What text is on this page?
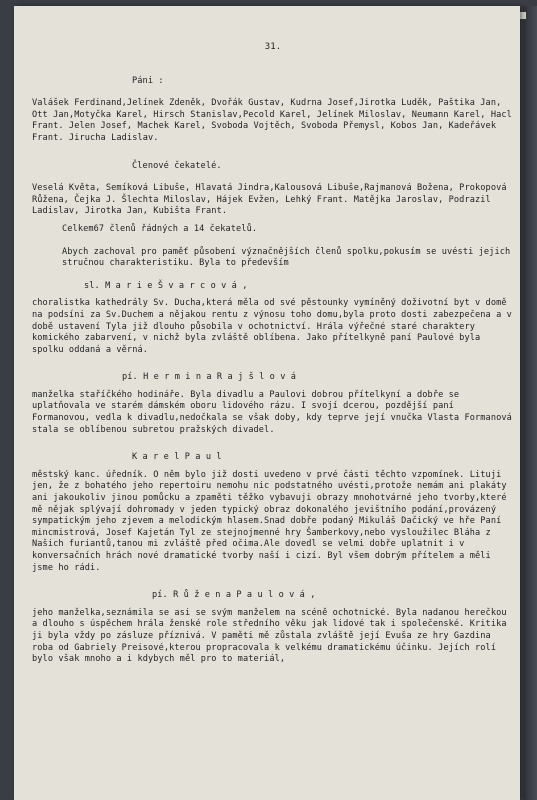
31.
Páni :

Valášek Ferdinand,Jelínek Zdeněk, Dvořák Gustav, Kudrna Josef,Jirotka Luděk, Paštika Jan, Ott Jan,Motyčka Karel, Hirsch Stanislav,Pecold Karel, Jelínek Miloslav, Neumann Karel, Hacl Frant. Jelen Josef, Machek Karel, Svoboda Vojtěch, Svoboda Přemysl, Kobos Jan, Kadeřávek Frant. Jirucha Ladislav.

Členové čekatelé.

Veselá Květa, Semíková Libuše, Hlavatá Jindra,Kalousová Libuše,Rajmanová Božena, Prokopová Růžena, Čejka J. Šlechta Miloslav, Hájek Evžen, Lehký Frant. Matějka Jaroslav, Podrazil Ladislav, Jirotka Jan, Kubišta Frant.

Celkem67 členů řádných a 14 čekatelů.

Abych zachoval pro paměť působení význačnějších členů spolku,pokusím se uvésti jejich stručnou charakteristiku. Byla to především

sl. M a r i e Š v a r c o v á ,

choralistka kathedrály Sv. Ducha,která měla od své pěstounky vymíněný doživotní byt v domě na podsíni za Sv.Duchem a nějakou rentu z výnosu toho domu,byla proto dosti zabezpečena a v době ustavení Tyla již dlouho působila v ochotnictví. Hrála výřečné staré charaktery komického zabarvení, v nichž byla zvláště oblíbena. Jako přítelkyně paní Paulové byla spolku oddaná a věrná.

pí. H e r m i n a R a j š l o v á

manželka staříčkého hodináře. Byla divadlu a Paulovi dobrou přítelkyní a dobře se uplatňovala ve starém dámském oboru lidového rázu. I svojí dcerou, pozdější paní Formanovou, vedla k divadlu,nedočkala se však doby, kdy teprve její vnučka Vlasta Formanová stala se oblíbenou subretou pražských divadel.

K a r e l P a u l

městský kanc. úředník. O něm bylo již dosti uvedeno v prvé části těchto vzpomínek. Lituji jen, že z bohatého jeho repertoiru nemohu nic podstatného uvésti,protože nemám ani plakáty ani jakoukoliv jinou pomůcku a zpaměti těžko vybavuji obrazy mnohotvárné jeho tvorby,které mě nějak splývají dohromady v jeden typický obraz dokonalého jevištního podání,provázený sympatickým jeho zjevem a melodickým hlasem.Snad dobře podaný Mikuláš Dačický ve hře Paní mincmistrová, Josef Kajetán Tyl ze stejnojmenné hry Šamberkovy,nebo vysloužilec Bláha z Našich furiantů,tanou mi zvláště před očima.Ale dovedl se velmi dobře uplatnit i v konversačních hrách nové dramatické tvorby naší i cizí. Byl všem dobrým přítelem a měli jsme ho rádi.

pí. R ů ž e n a P a u l o v á ,

jeho manželka,seznámila se asi se svým manželem na scéně ochotnické. Byla nadanou herečkou a dlouho s úspěchem hrála ženské role středního věku jak lidové tak i společenské. Kritika ji byla vždy po zásluze příznivá. V paměti mě zůstala zvláště její Evuša ze hry Gazdina roba od Gabriely Preisové,kterou propracovala k velkému dramatickému účinku. Jejích rolí bylo však mnoho a i kdybych měl pro to materiál,
